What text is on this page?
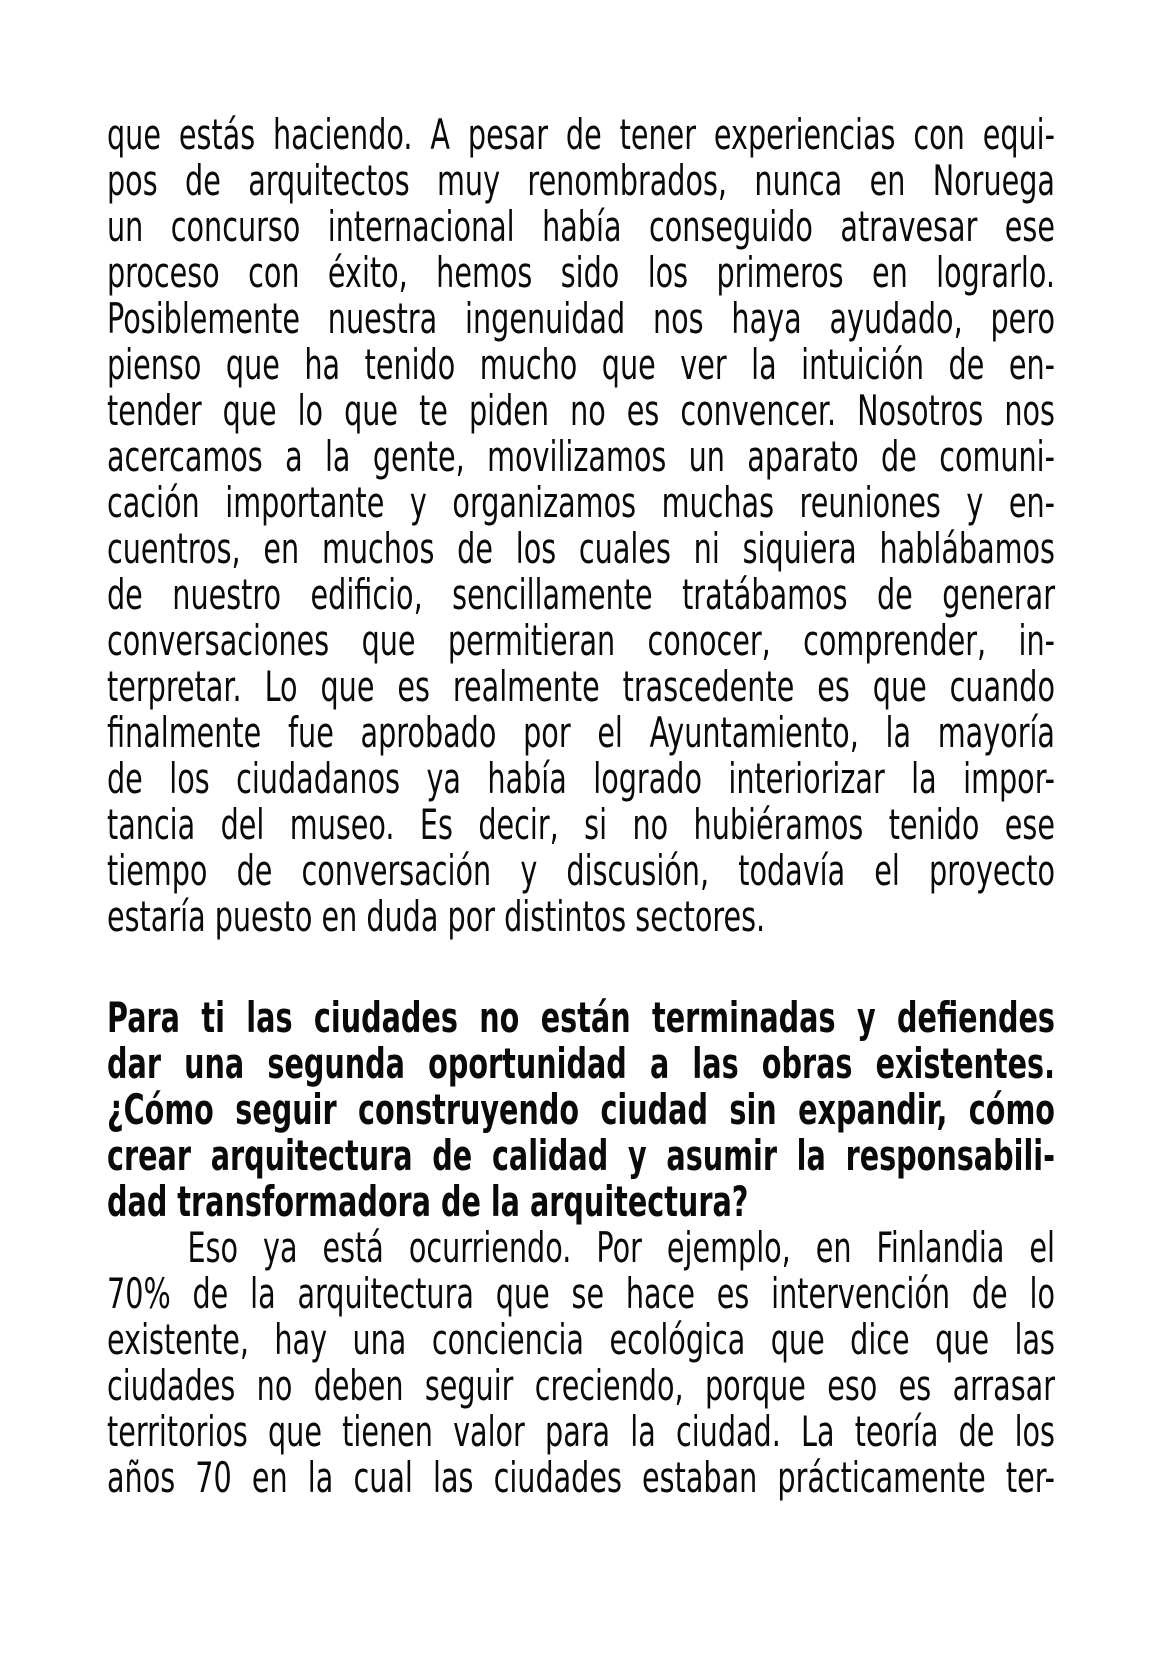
que estás haciendo. A pesar de tener experiencias con equi-
pos de arquitectos muy renombrados, nunca en Noruega
un concurso internacional había conseguido atravesar ese
proceso con éxito, hemos sido los primeros en lograrlo.
Posiblemente nuestra ingenuidad nos haya ayudado, pero
pienso que ha tenido mucho que ver la intuición de en-
tender que lo que te piden no es convencer. Nosotros nos
acercamos a la gente, movilizamos un aparato de comuni-
cación importante y organizamos muchas reuniones y en-
cuentros, en muchos de los cuales ni siquiera hablábamos
de nuestro edificio, sencillamente tratábamos de generar
conversaciones que permitieran conocer, comprender, in-
terpretar. Lo que es realmente trascedente es que cuando
finalmente fue aprobado por el Ayuntamiento, la mayoría
de los ciudadanos ya había logrado interiorizar la impor-
tancia del museo. Es decir, si no hubiéramos tenido ese
tiempo de conversación y discusión, todavía el proyecto
estaría puesto en duda por distintos sectores.
Para ti las ciudades no están terminadas y defiendes
dar una segunda oportunidad a las obras existentes.
¿Cómo seguir construyendo ciudad sin expandir, cómo
crear arquitectura de calidad y asumir la responsabili-
dad transformadora de la arquitectura?
Eso ya está ocurriendo. Por ejemplo, en Finlandia el
70% de la arquitectura que se hace es intervención de lo
existente, hay una conciencia ecológica que dice que las
ciudades no deben seguir creciendo, porque eso es arrasar
territorios que tienen valor para la ciudad. La teoría de los
años 70 en la cual las ciudades estaban prácticamente ter-
